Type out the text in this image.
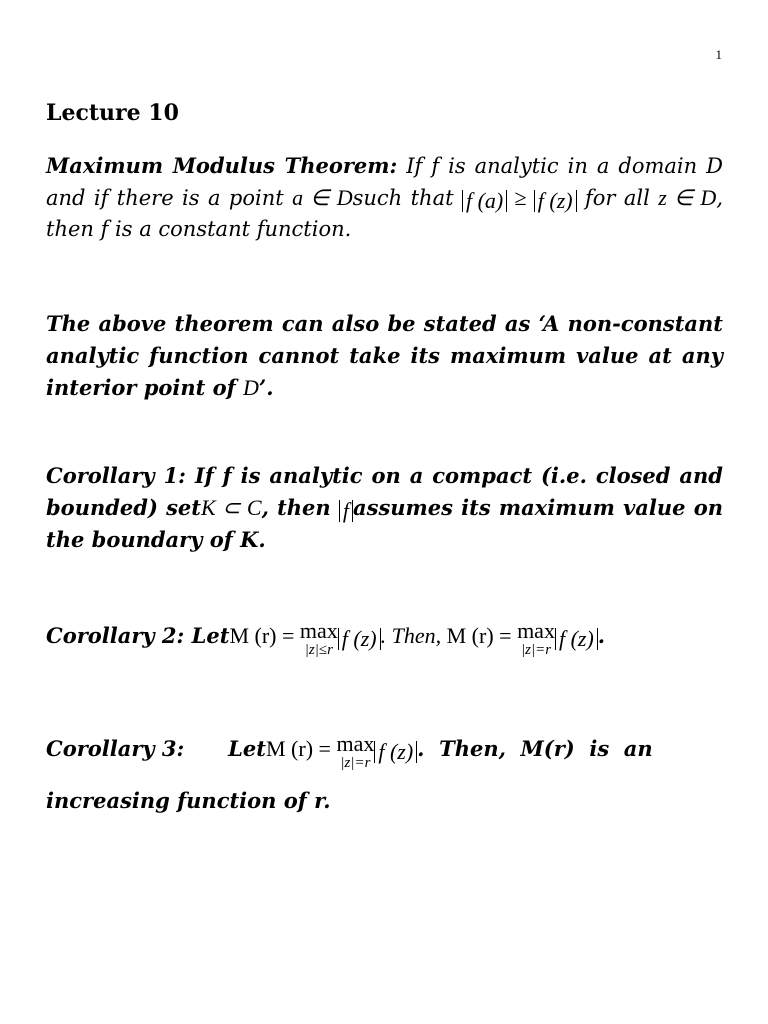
1
Lecture 10
Maximum Modulus Theorem: If f is analytic in a domain D and if there is a point a ∈ Dsuch that f (a) ≥ f (z) for all z ∈ D, then f is a constant function.
The above theorem can also be stated as ‘A non-constant analytic function cannot take its maximum value at any interior point of D’.
Corollary 1: If f is analytic on a compact (i.e. closed and bounded) setK ⊂ C, then f assumes its maximum value on the boundary of K.
Corollary 2: LetM (r) = max
|z|≤r f (z) . Then, M (r) = max
|z|=r f (z) .
Corollary 3:      LetM (r) = max
|z|=r f (z) .  Then,  M(r)  is  an
increasing function of r.
